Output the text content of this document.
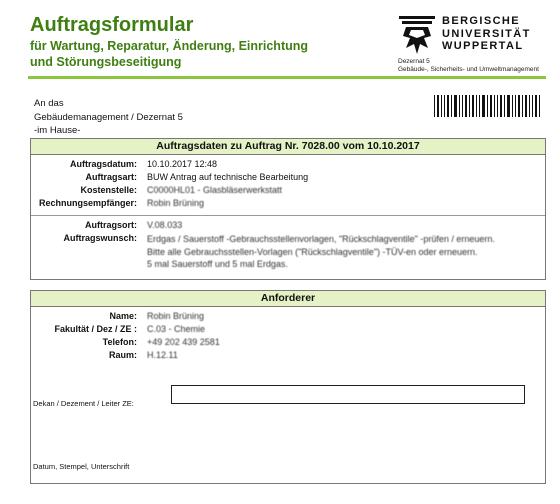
Auftragsformular
für Wartung, Reparatur, Änderung, Einrichtung
und Störungsbeseitigung
BERGISCHE
UNIVERSITÄT
WUPPERTAL
Dezernat 5
Gebäude-, Sicherheits- und Umweltmanagement
An das
Gebäudemanagement / Dezernat 5
-im Hause-
Auftragsdaten zu Auftrag Nr. 7028.00 vom 10.10.2017
Auftragsdatum: 10.10.2017 12:48
Auftragsart: BUW Antrag auf technische Bearbeitung
Kostenstelle: C0000HL01 - Glasbläserwerkstatt
Rechnungsempfänger: Robin Brüning
Auftragsort: V.08.033
Auftragswunsch: Erdgas / Sauerstoff -Gebrauchsstellenvorlagen, "Rückschlagventile" -prüfen / erneuern.
Bitte alle Gebrauchsstellen-Vorlagen ("Rückschlagventile") -TÜV-en oder erneuern.
5 mal Sauerstoff und 5 mal Erdgas.
Anforderer
Name: Robin Brüning
Fakultät / Dez / ZE : C.03 - Chemie
Telefon: +49 202 439 2581
Raum: H.12.11
Dekan / Dezement / Leiter ZE:
Datum, Stempel, Unterschrift
